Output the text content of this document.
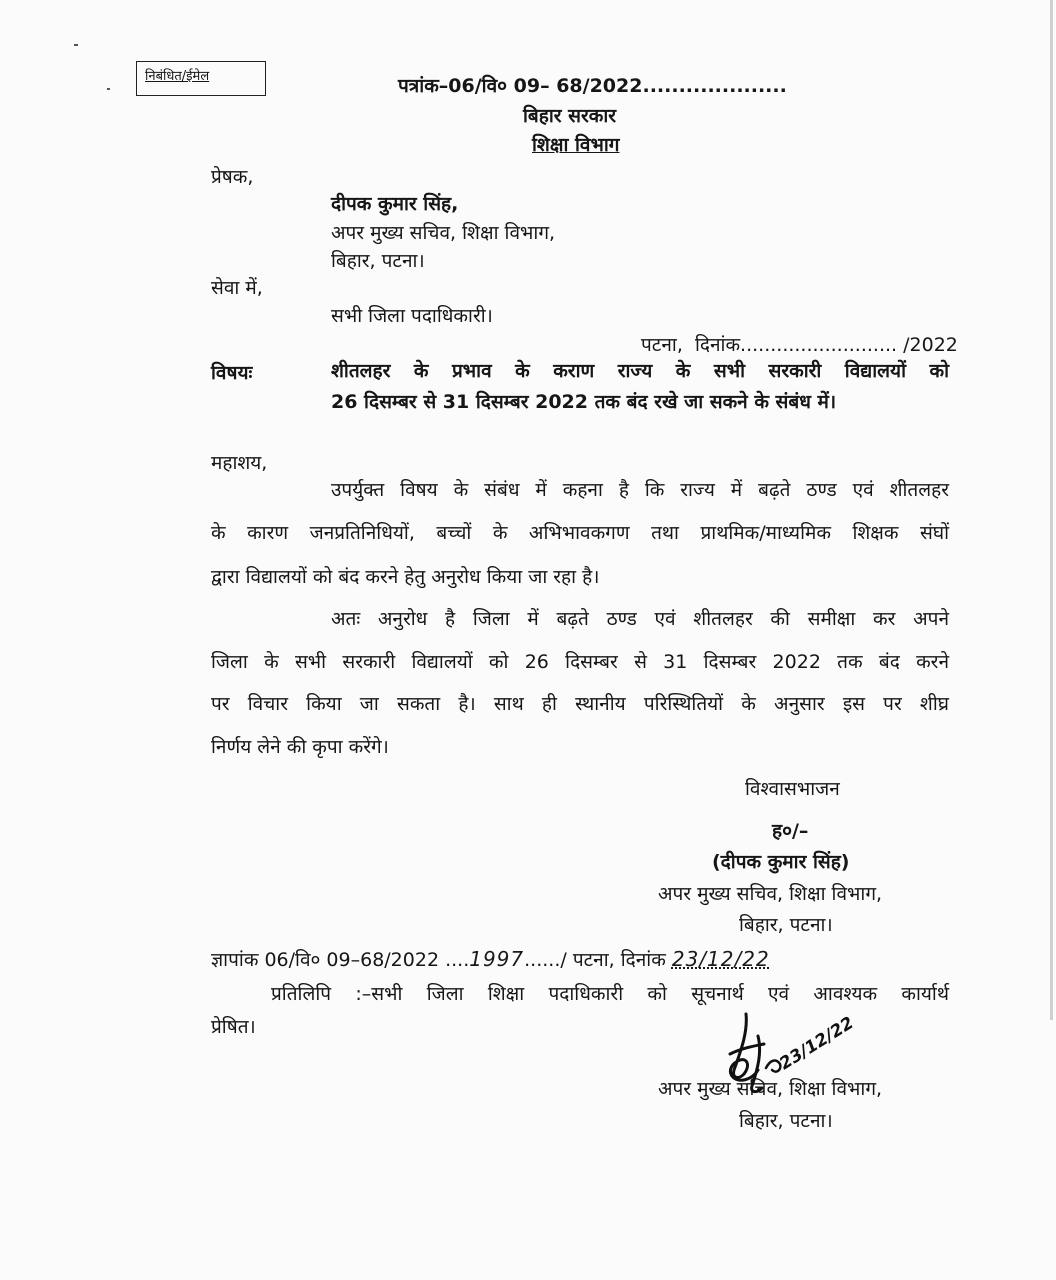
निबंधित/ईमेल	पत्रांक–06/वि० 09– 68/2022....................
बिहार सरकार
शिक्षा विभाग
प्रेषक,
दीपक कुमार सिंह,
अपर मुख्य सचिव, शिक्षा विभाग,
बिहार, पटना।
सेवा में,
सभी जिला पदाधिकारी।
पटना, दिनांक.......................... /2022
विषयः	शीतलहर के प्रभाव के कराण राज्य के सभी सरकारी विद्यालयों को
26 दिसम्बर से 31 दिसम्बर 2022 तक बंद रखे जा सकने के संबंध में।
महाशय,
उपर्युक्त विषय के संबंध में कहना है कि राज्य में बढ़ते ठण्ड एवं शीतलहर
के कारण जनप्रतिनिधियों, बच्चों के अभिभावकगण तथा प्राथमिक/माध्यमिक शिक्षक संघों
द्वारा विद्यालयों को बंद करने हेतु अनुरोध किया जा रहा है।
अतः अनुरोध है जिला में बढ़ते ठण्ड एवं शीतलहर की समीक्षा कर अपने
जिला के सभी सरकारी विद्यालयों को 26 दिसम्बर से 31 दिसम्बर 2022 तक बंद करने
पर विचार किया जा सकता है। साथ ही स्थानीय परिस्थितियों के अनुसार इस पर शीघ्र
निर्णय लेने की कृपा करेंगे।
विश्वासभाजन
ह०/–
(दीपक कुमार सिंह)
अपर मुख्य सचिव, शिक्षा विभाग,
बिहार, पटना।
ज्ञापांक 06/वि० 09–68/2022 ....1997....../ पटना, दिनांक 23/12/22
प्रतिलिपि :–सभी जिला शिक्षा पदाधिकारी को सूचनार्थ एवं आवश्यक कार्यार्थ
प्रेषित।
अपर मुख्य सचिव, शिक्षा विभाग,
बिहार, पटना।
23/12/22
